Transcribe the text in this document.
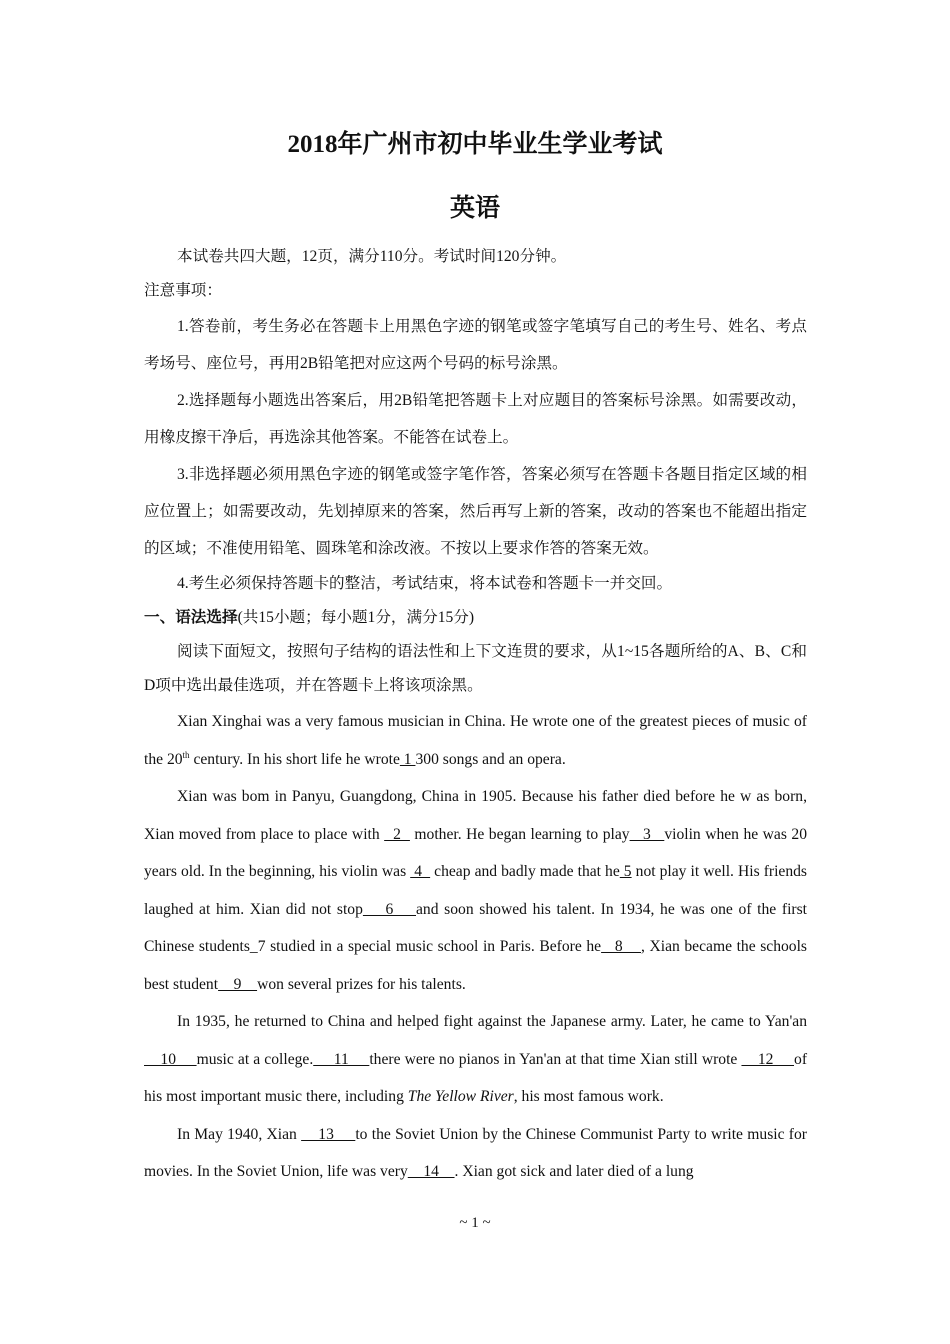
2018年广州市初中毕业生学业考试
英语

本试卷共四大题，12页，满分110分。考试时间120分钟。

注意事项：

1.答卷前，考生务必在答题卡上用黑色字迹的钢笔或签字笔填写自己的考生号、姓名、考点考场号、座位号，再用2B铅笔把对应这两个号码的标号涂黑。

2.选择题每小题选出答案后，用2B铅笔把答题卡上对应题目的答案标号涂黑。如需要改动，用橡皮擦干净后，再选涂其他答案。不能答在试卷上。

3.非选择题必须用黑色字迹的钢笔或签字笔作答，答案必须写在答题卡各题目指定区域的相应位置上；如需要改动，先划掉原来的答案，然后再写上新的答案，改动的答案也不能超出指定的区域；不准使用铅笔、圆珠笔和涂改液。不按以上要求作答的答案无效。

4.考生必须保持答题卡的整洁，考试结束，将本试卷和答题卡一并交回。

一、语法选择(共15小题；每小题1分，满分15分)

阅读下面短文，按照句子结构的语法性和上下文连贯的要求，从1~15各题所给的A、B、C和D项中选出最佳选项，并在答题卡上将该项涂黑。

Xian Xinghai was a very famous musician in China. He wrote one of the greatest pieces of music of the 20th century. In his short life he wrote 1 300 songs and an opera.

Xian was bom in Panyu, Guangdong, China in 1905. Because his father died before he w as born, Xian moved from place to place with   2   mother. He began learning to play   3   violin when he was 20 years old. In the beginning, his violin was  4   cheap and badly made that he 5 not play it well. His friends laughed at him. Xian did not stop    6    and soon showed his talent. In 1934, he was one of the first Chinese students_7 studied in a special music school in Paris. Before he   8    , Xian became the schools best student    9    won several prizes for his talents.

In 1935, he returned to China and helped fight against the Japanese army. Later, he came to Yan'an    10     music at a college.     11     there were no pianos in Yan'an at that time Xian still wrote     12     of his most important music there, including The Yellow River, his most famous work.

In May 1940, Xian     13     to the Soviet Union by the Chinese Communist Party to write music for movies. In the Soviet Union, life was very    14    . Xian got sick and later died of a lung

~ 1 ~
